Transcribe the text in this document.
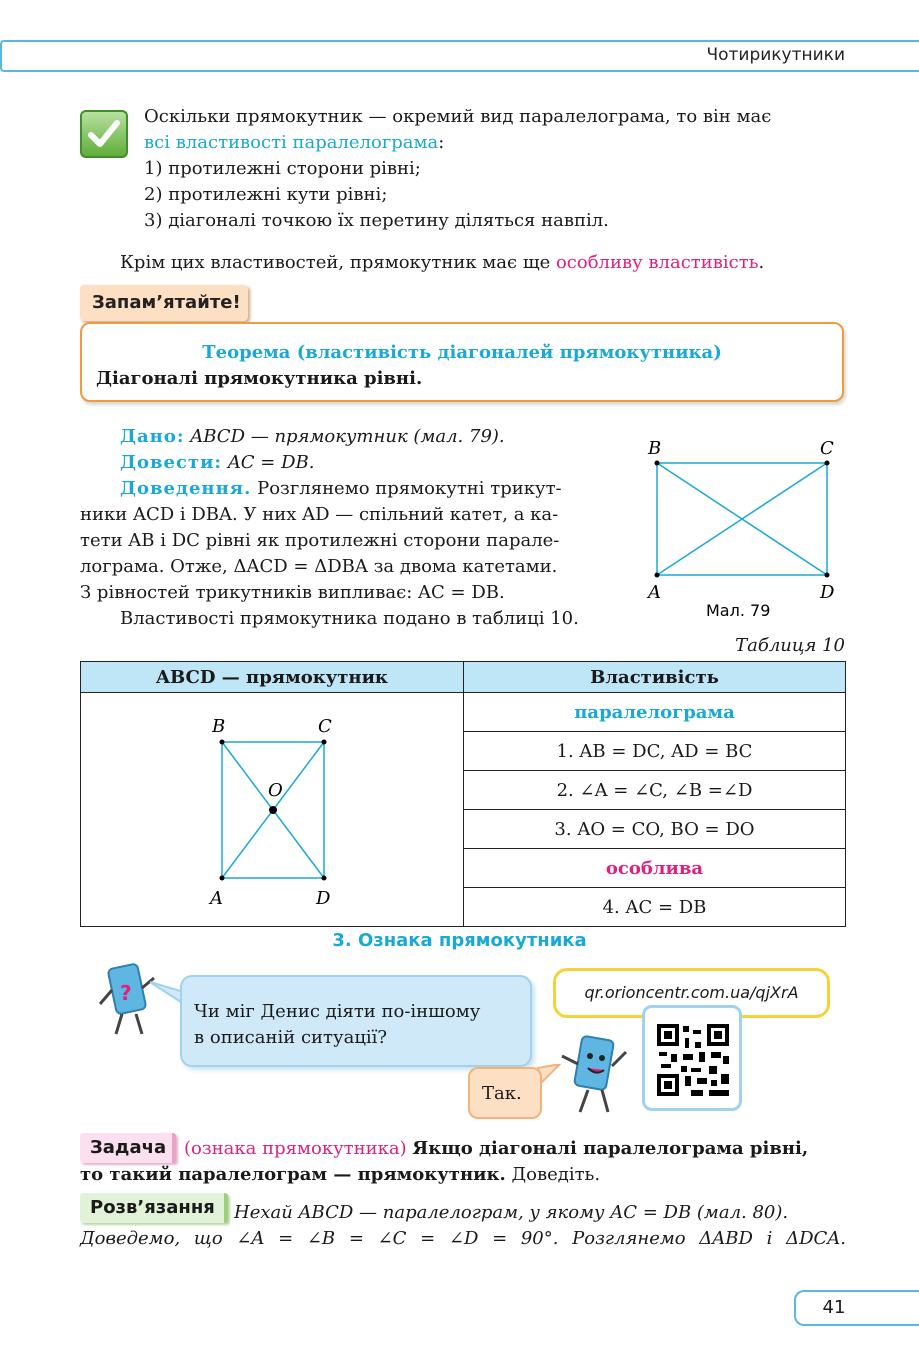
Чотирикутники
Оскільки прямокутник — окремий вид паралелограма, то він має
всі властивості паралелограма:
1) протилежні сторони рівні;
2) протилежні кути рівні;
3) діагоналі точкою їх перетину діляться навпіл.
Крім цих властивостей, прямокутник має ще особливу властивість.
Запам’ятайте!
Теорема (властивість діагоналей прямокутника)
Діагоналі прямокутника рівні.
Дано: ABCD — прямокутник (мал. 79).
Довести: AC = DB.
Доведення. Розглянемо прямокутні трикут-
ники ACD і DBA. У них AD — спільний катет, а ка-
тети AB і DC рівні як протилежні сторони парале-
лограма. Отже, ΔACD = ΔDBA за двома катетами.
З рівностей трикутників випливає: AC = DB.
Властивості прямокутника подано в таблиці 10.
B	C
A	D
Мал. 79
Таблиця 10
ABCD — прямокутник	Властивість

B C
O
A D	паралелограма
	1. AB = DC, AD = BC
	2. ∠A = ∠C, ∠B =∠D
	3. AO = CO, BO = DO
	особлива
	4. AC = DB
3. Ознака прямокутника
?
Чи міг Денис діяти по-іншому
в описаній ситуації?
qr.orioncentr.com.ua/qjXrA
Так.
Задача (ознака прямокутника) Якщо діагоналі паралелограма рівні,
то такий паралелограм — прямокутник. Доведіть.
Розв’язання	Нехай ABCD — паралелограм, у якому AC = DB (мал. 80).
Доведемо, що ∠A = ∠B = ∠C = ∠D = 90°. Розглянемо ΔABD і ΔDCA.
41
